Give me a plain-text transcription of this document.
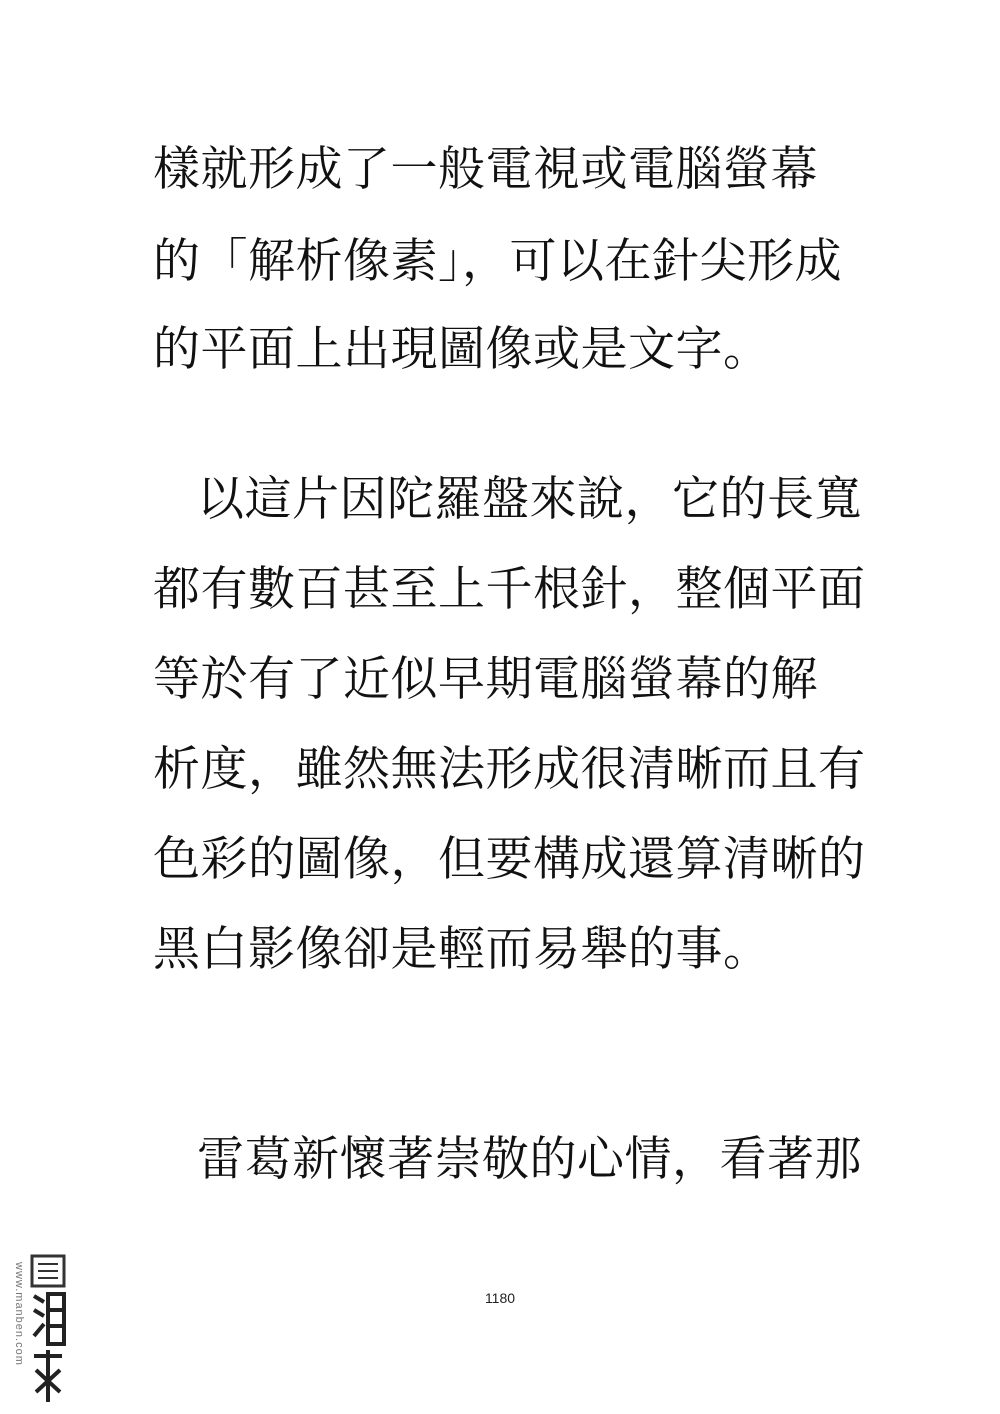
樣就形成了一般電視或電腦螢幕
的「解析像素」，可以在針尖形成
的平面上出現圖像或是文字。
以這片因陀羅盤來說，它的長寬
都有數百甚至上千根針，整個平面
等於有了近似早期電腦螢幕的解
析度，雖然無法形成很清晰而且有
色彩的圖像，但要構成還算清晰的
黑白影像卻是輕而易舉的事。
雷葛新懷著崇敬的心情，看著那
1180
www.manben.com
